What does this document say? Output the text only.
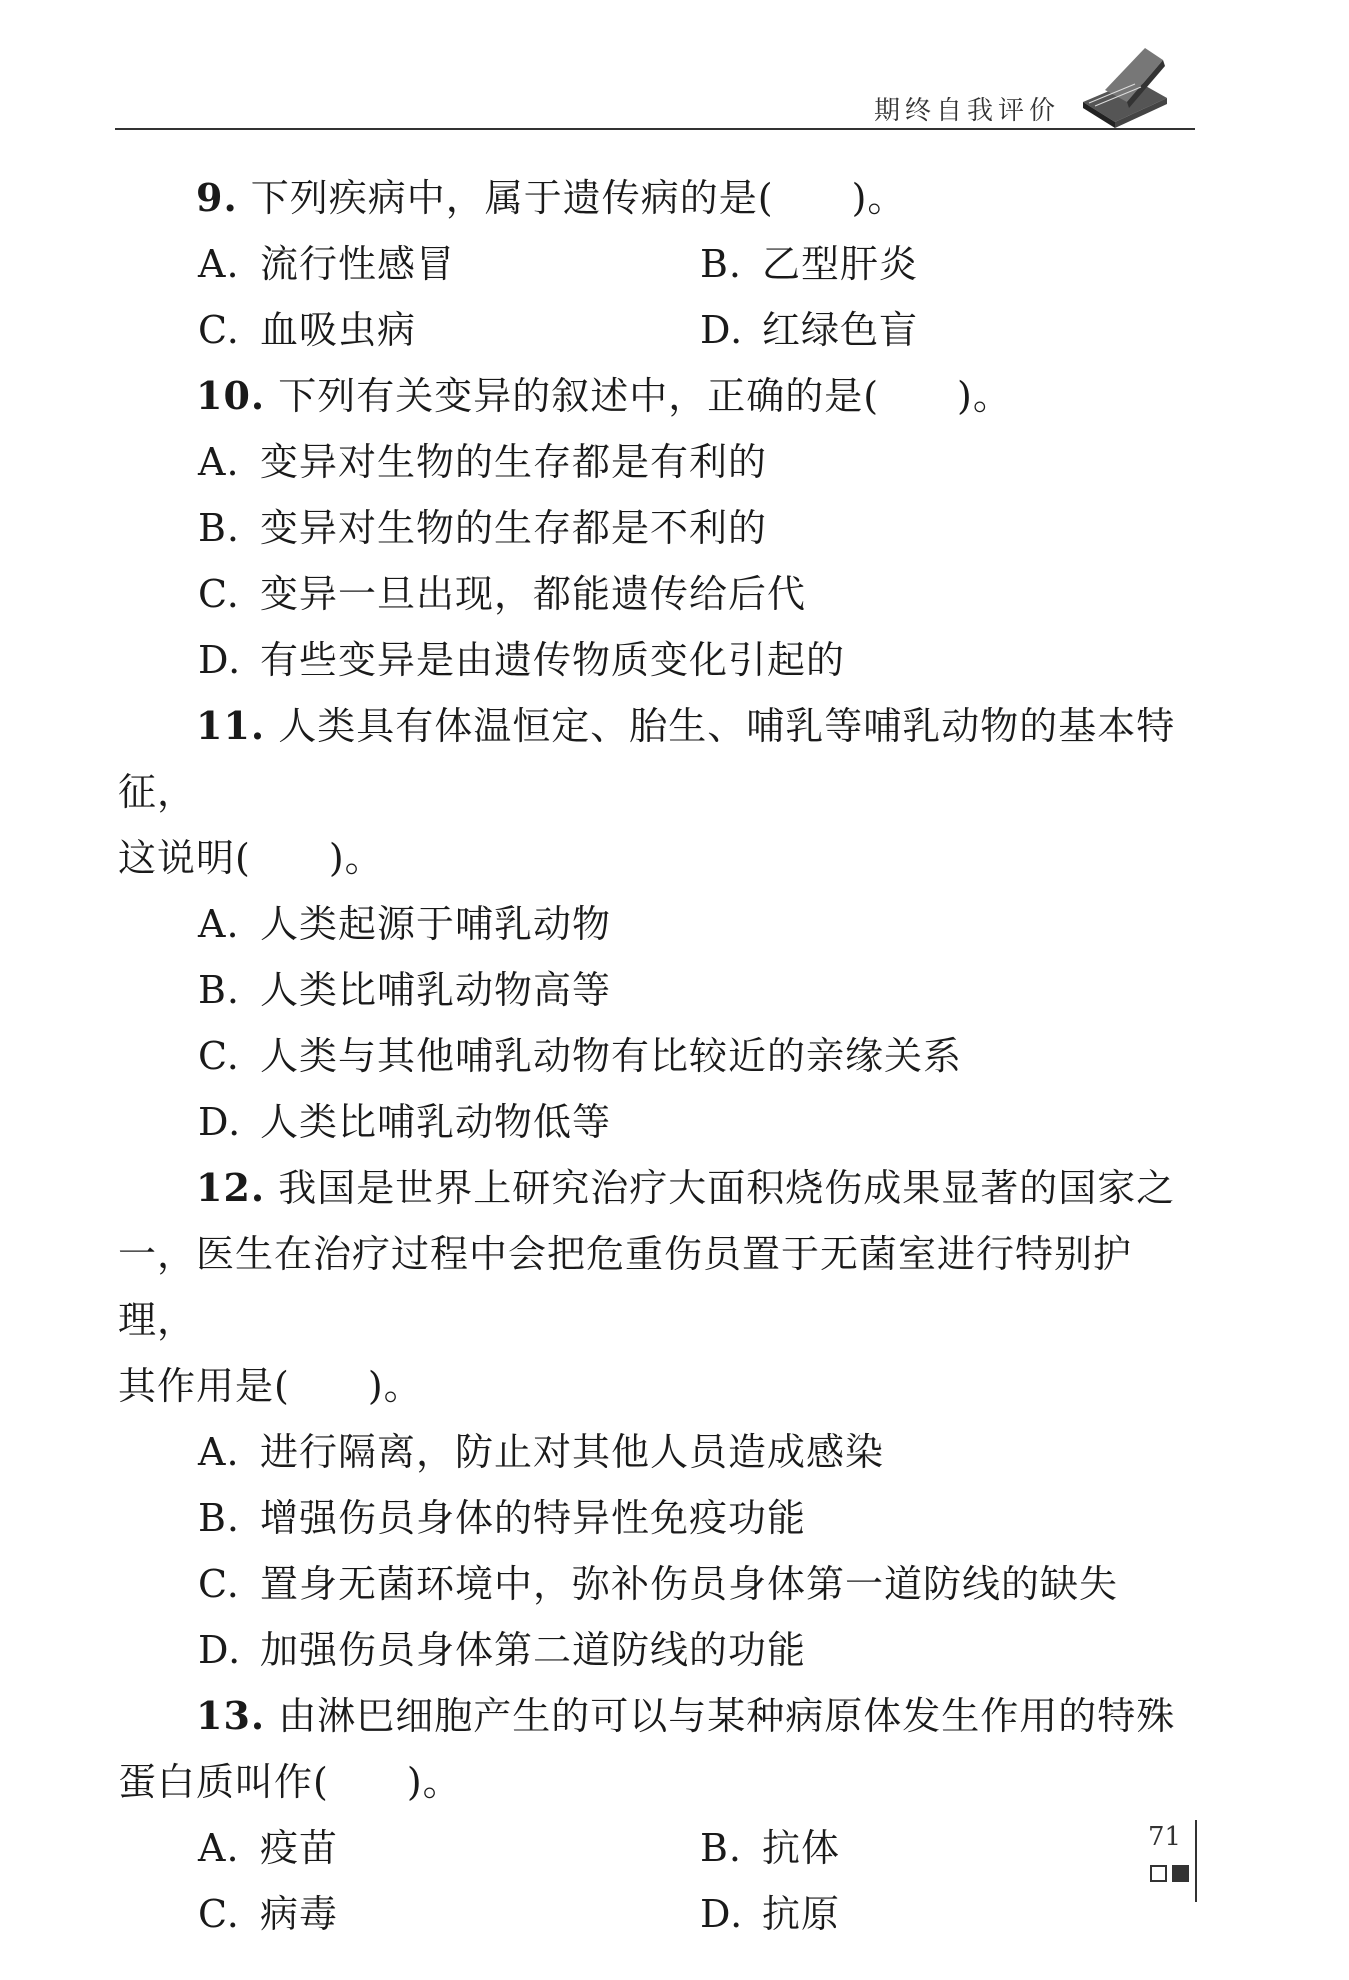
期终自我评价

9. 下列疾病中，属于遗传病的是(　　)。

A. 流行性感冒	B. 乙型肝炎
C. 血吸虫病	D. 红绿色盲

10. 下列有关变异的叙述中，正确的是(　　)。

A. 变异对生物的生存都是有利的

B. 变异对生物的生存都是不利的

C. 变异一旦出现，都能遗传给后代

D. 有些变异是由遗传物质变化引起的

11. 人类具有体温恒定、胎生、哺乳等哺乳动物的基本特征，

这说明(　　)。

A. 人类起源于哺乳动物

B. 人类比哺乳动物高等

C. 人类与其他哺乳动物有比较近的亲缘关系

D. 人类比哺乳动物低等

12. 我国是世界上研究治疗大面积烧伤成果显著的国家之

一，医生在治疗过程中会把危重伤员置于无菌室进行特别护理，

其作用是(　　)。

A. 进行隔离，防止对其他人员造成感染

B. 增强伤员身体的特异性免疫功能

C. 置身无菌环境中，弥补伤员身体第一道防线的缺失

D. 加强伤员身体第二道防线的功能

13. 由淋巴细胞产生的可以与某种病原体发生作用的特殊

蛋白质叫作(　　)。

A. 疫苗	B. 抗体
C. 病毒	D. 抗原
71
